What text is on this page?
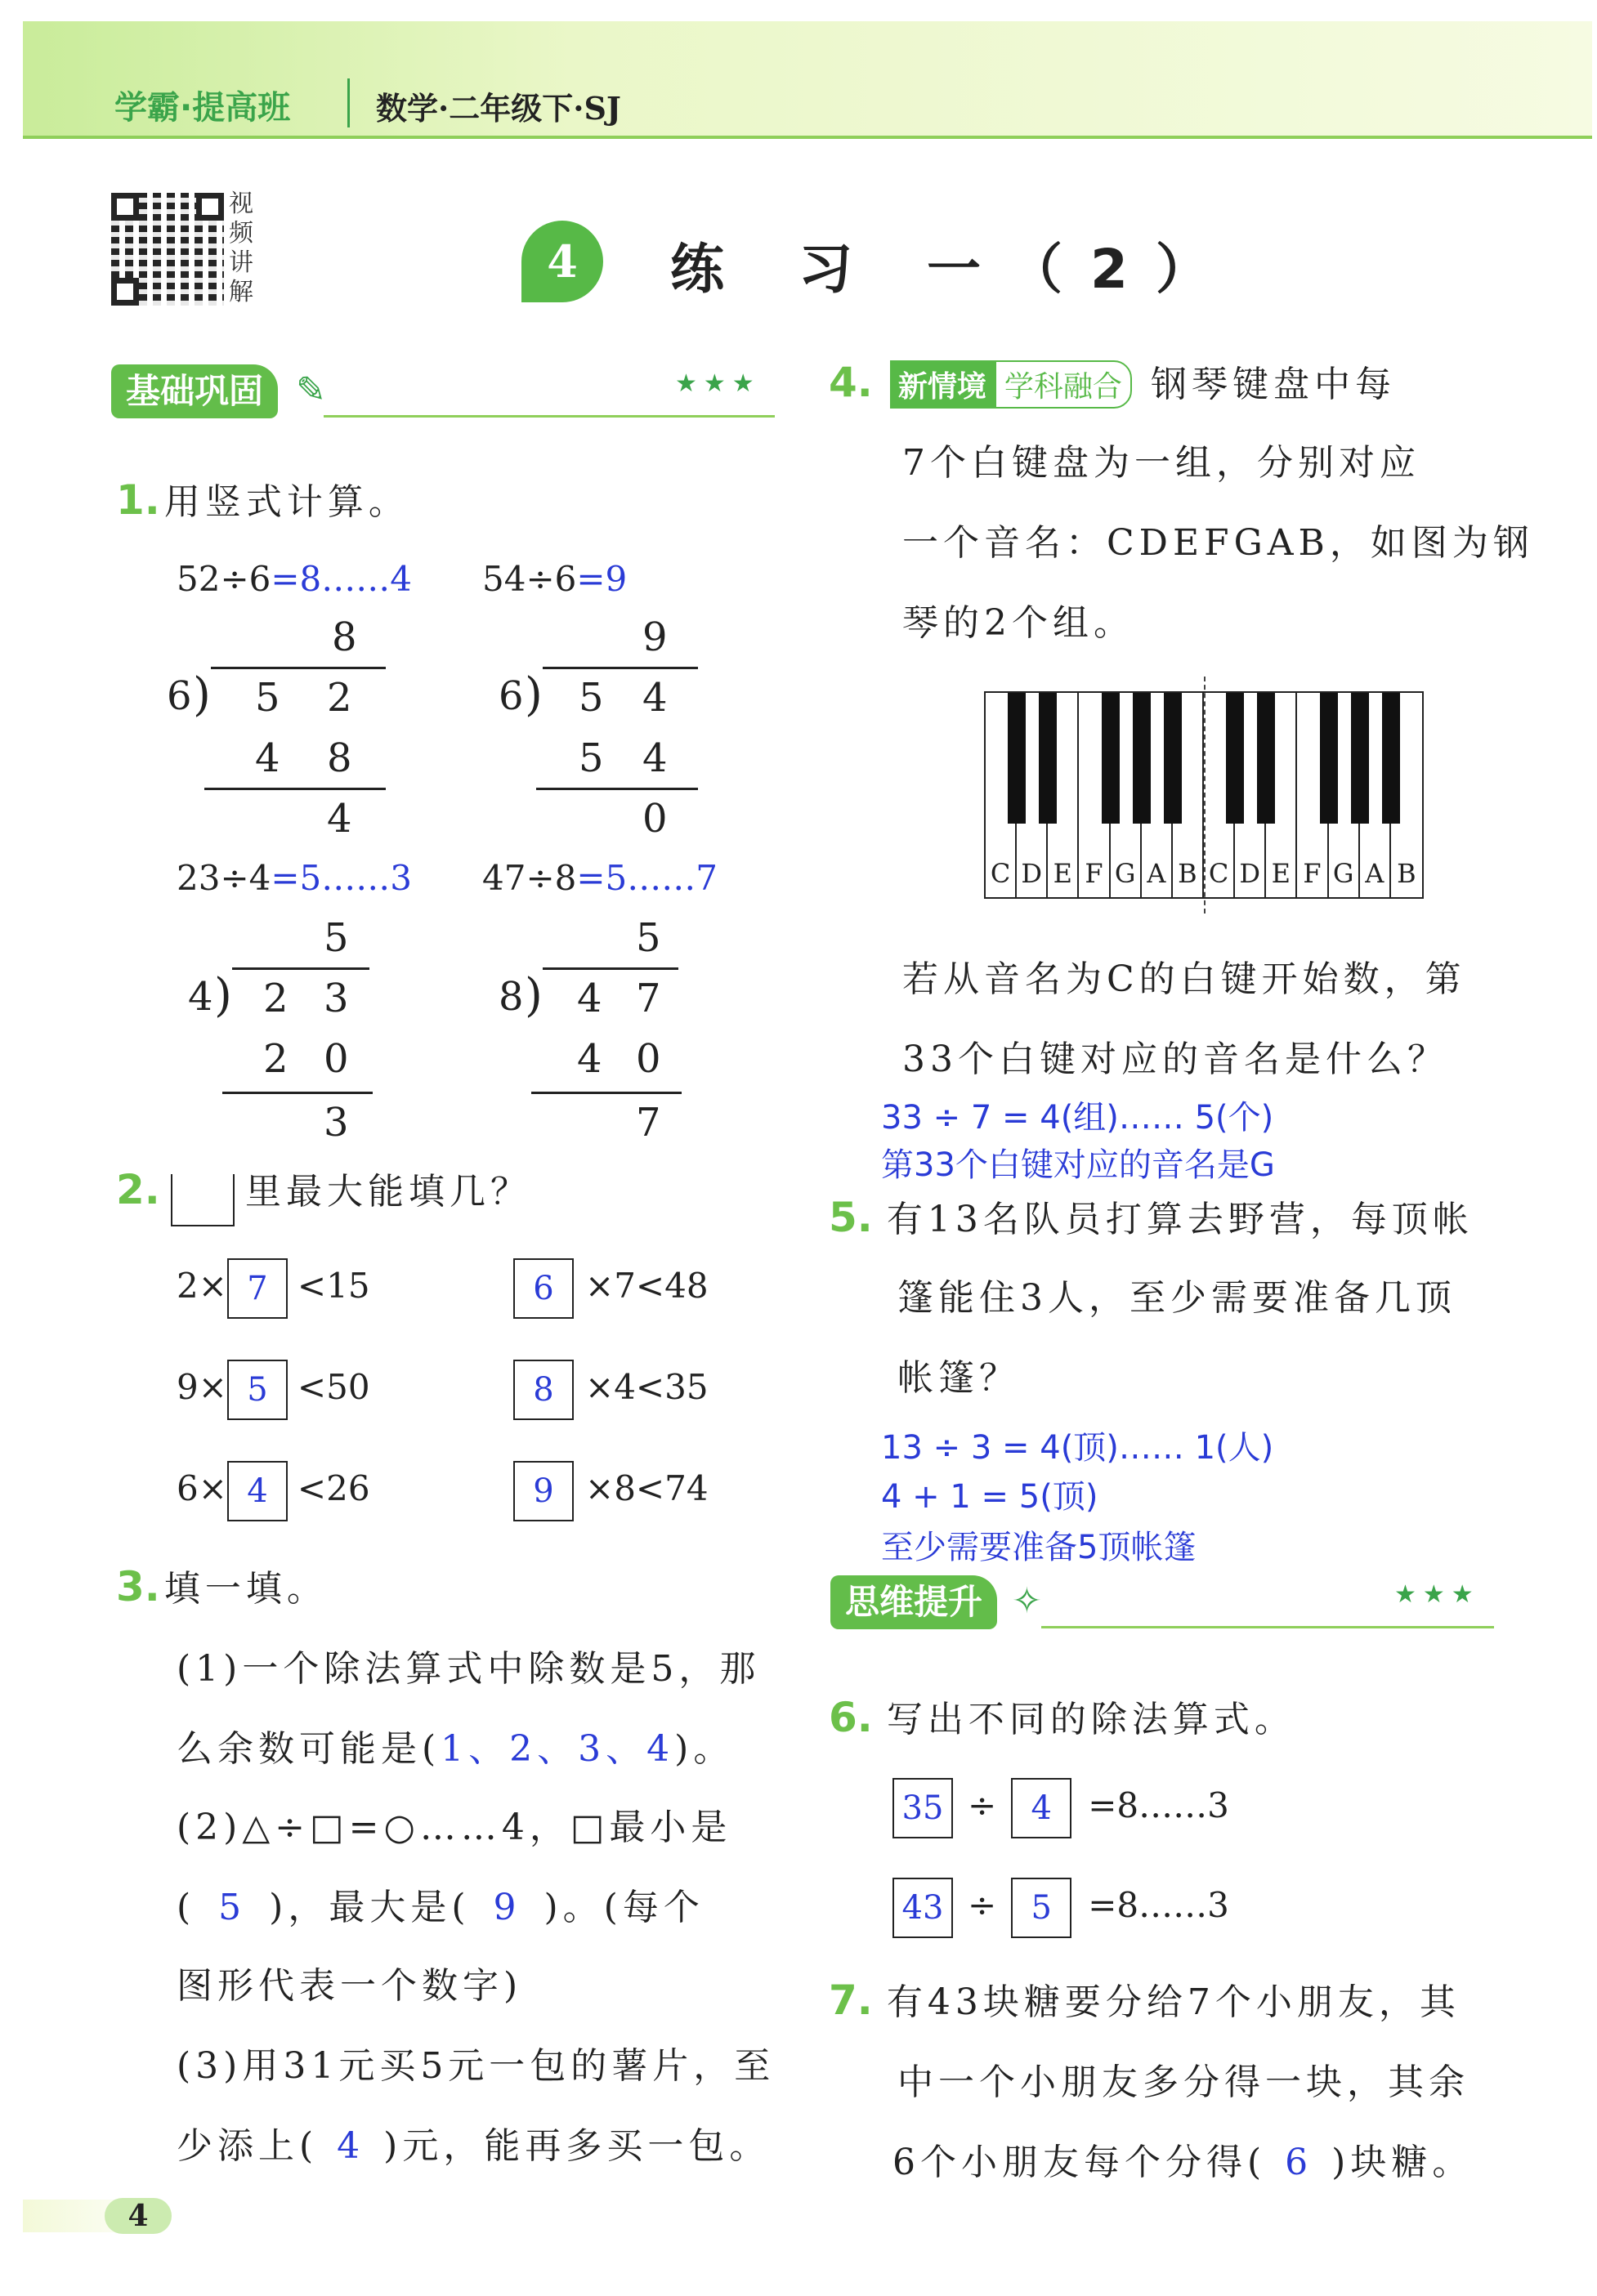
学霸·提高班	数学·二年级下·SJ
视频讲解
4	练 习 一（2）
基础巩固 ✎	★★★
1. 用竖式计算。
52÷6=8……4 54÷6=9
23÷4=5……3 47÷8=5……7
8
6 ) 5 2
4 8
4
9
6 ) 5 4
5 4
0
5
4 ) 2 3
2 0
3
5
8 ) 4 7
4 0
7
2. 里最大能填几？
2× 7 <15	6 ×7<48
9× 5 <50	8 ×4<35
6× 4 <26	9 ×8<74
3. 填一填。
(1)一个除法算式中除数是5，那
么余数可能是(1、2、3、4)。
(2)△÷□=○……4，□最小是
( 5 )，最大是( 9 )。(每个
图形代表一个数字)
(3)用31元买5元一包的薯片，至
少添上( 4 )元，能再多买一包。
4. 新情境 学科融合 钢琴键盘中每
7个白键盘为一组，分别对应
一个音名：CDEFGAB，如图为钢
琴的2个组。
C D E F G A B C D E F G A B
若从音名为C的白键开始数，第
33个白键对应的音名是什么？
33 ÷ 7 = 4(组)…… 5(个)
第33个白键对应的音名是G
5. 有13名队员打算去野营，每顶帐
篷能住3人，至少需要准备几顶
帐篷？
13 ÷ 3 = 4(顶)…… 1(人)
4 + 1 = 5(顶)
至少需要准备5顶帐篷
思维提升 ✧	★★★
6. 写出不同的除法算式。
35 ÷ 4 =8……3
43 ÷ 5 =8……3
7. 有43块糖要分给7个小朋友，其
中一个小朋友多分得一块，其余
6个小朋友每个分得( 6 )块糖。
4
